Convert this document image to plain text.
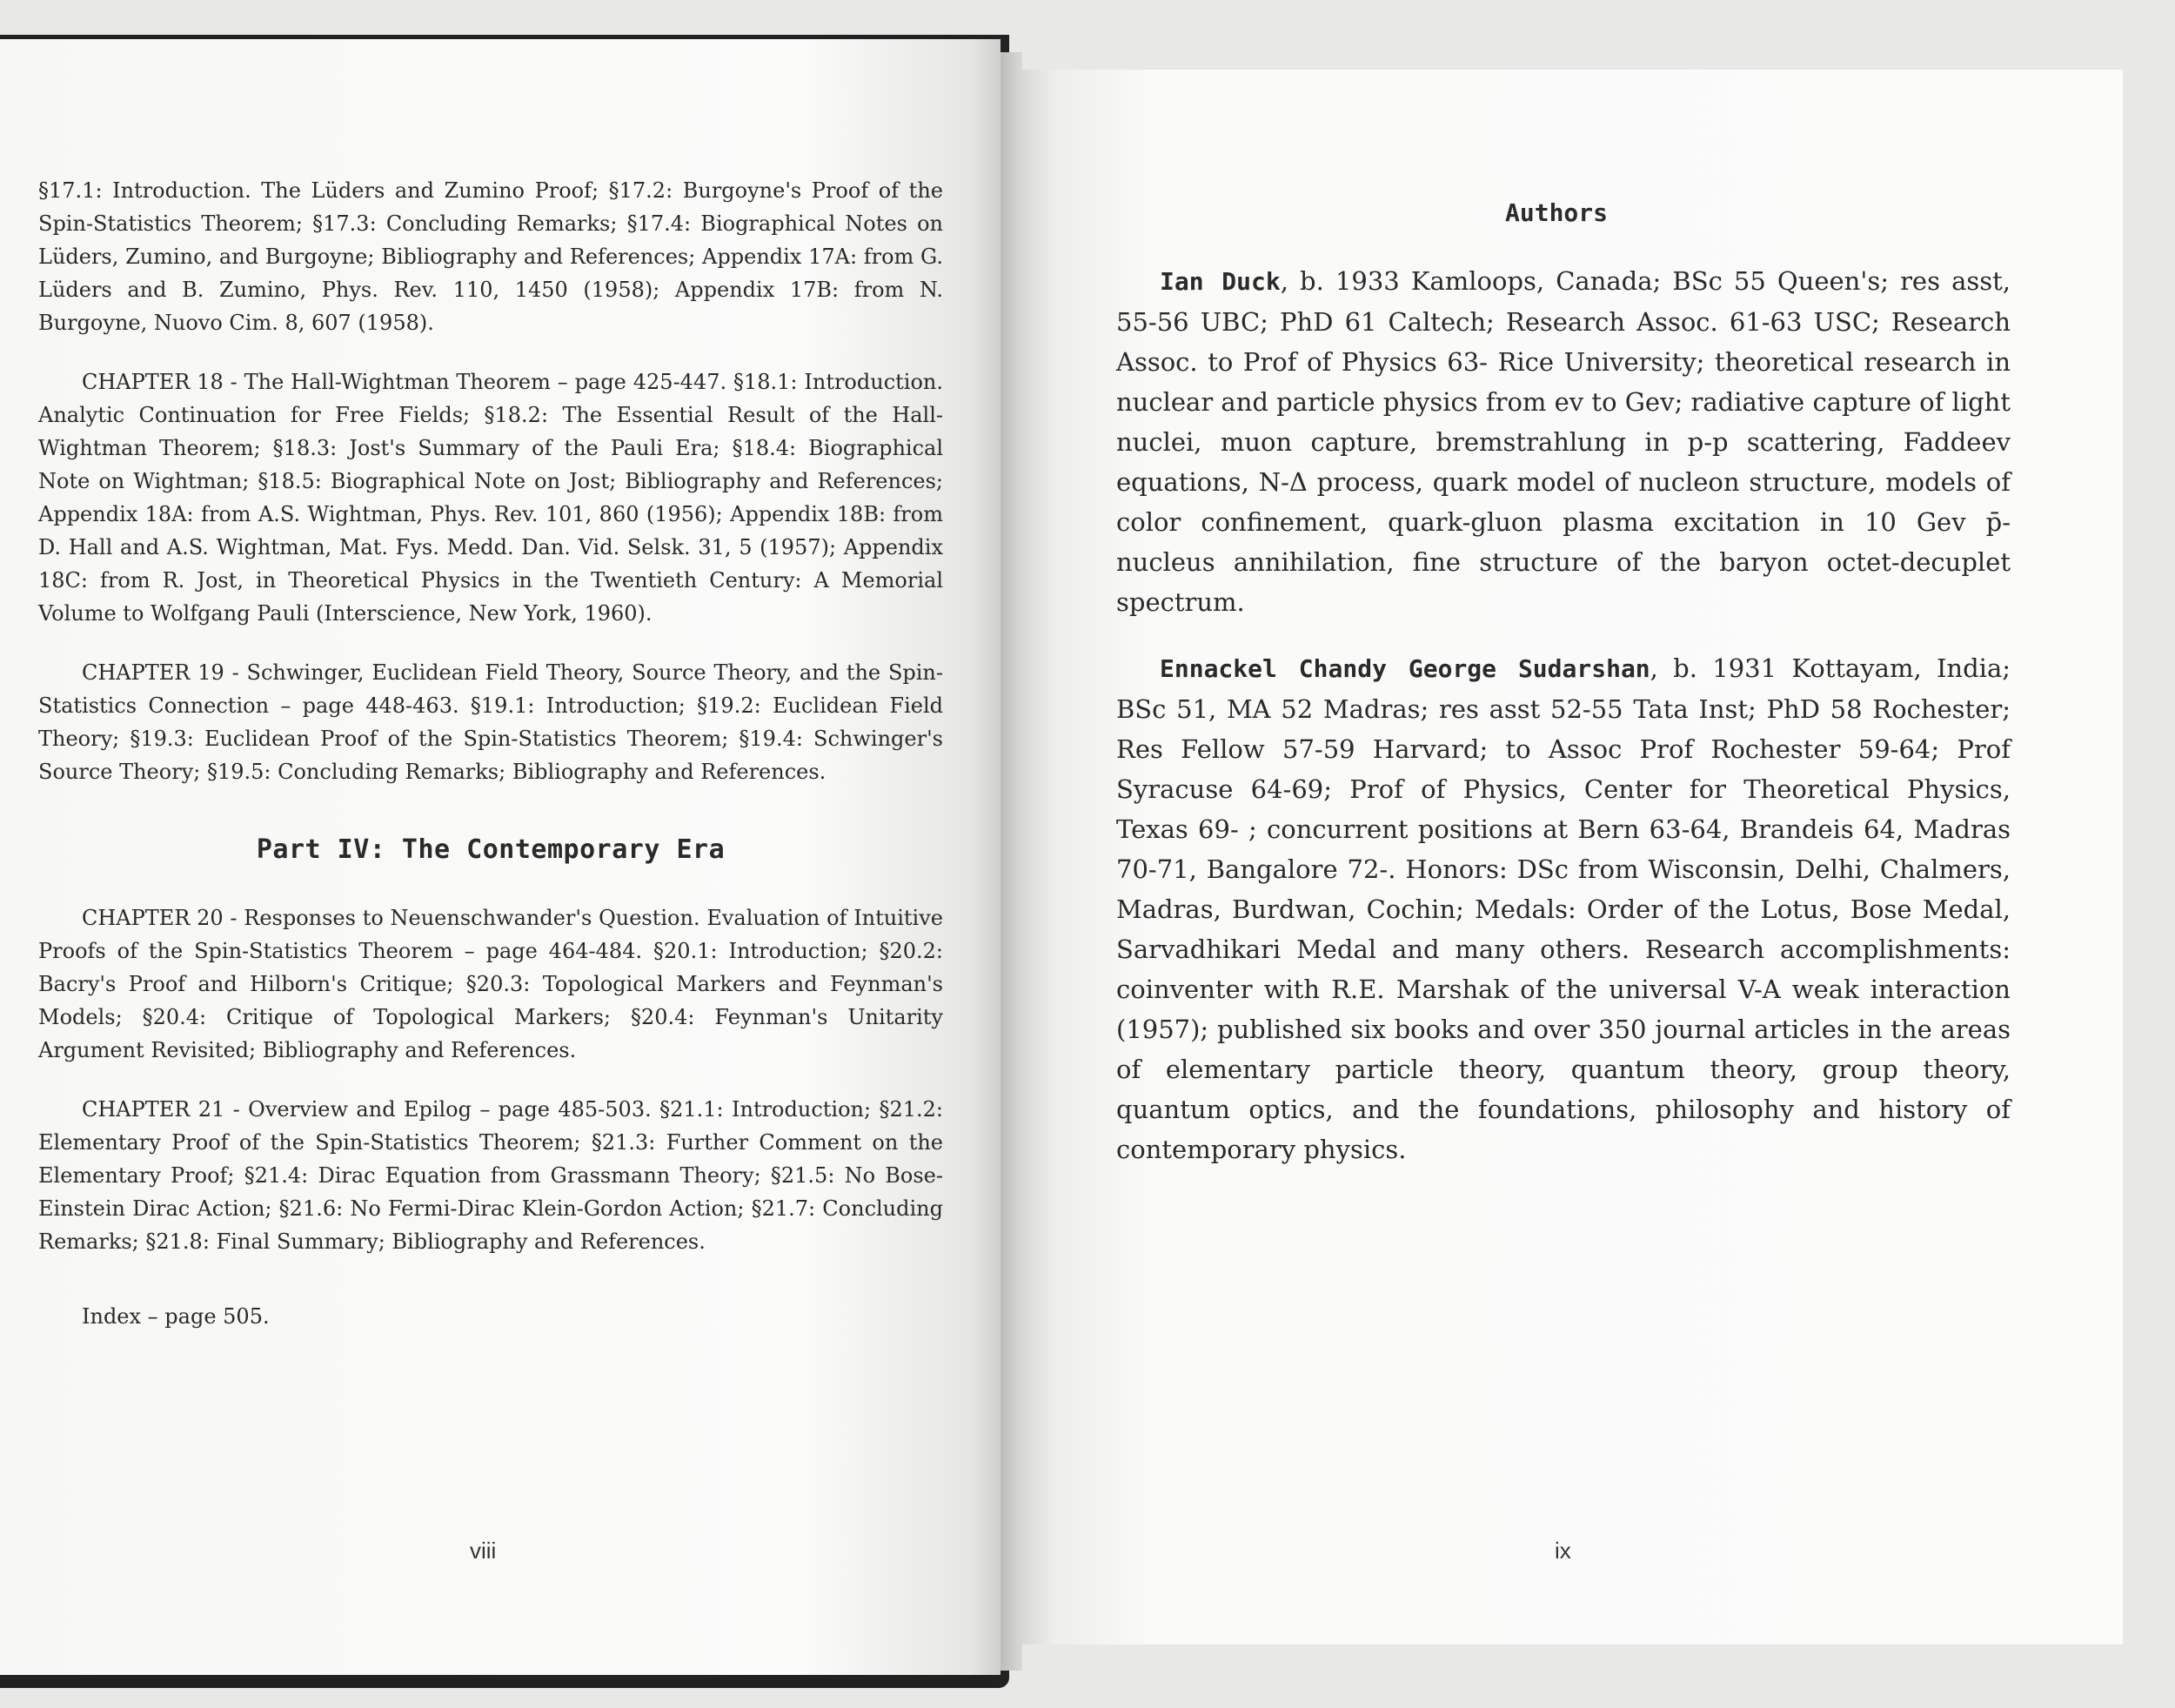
§17.1: Introduction. The Lüders and Zumino Proof; §17.2: Burgoyne's Proof of the Spin-Statistics Theorem; §17.3: Concluding Remarks; §17.4: Biographical Notes on Lüders, Zumino, and Burgoyne; Bibliography and References; Appendix 17A: from G. Lüders and B. Zumino, Phys. Rev. 110, 1450 (1958); Appendix 17B: from N. Burgoyne, Nuovo Cim. 8, 607 (1958).

CHAPTER 18 - The Hall-Wightman Theorem – page 425-447. §18.1: Introduction. Analytic Continuation for Free Fields; §18.2: The Essential Result of the Hall-Wightman Theorem; §18.3: Jost's Summary of the Pauli Era; §18.4: Biographical Note on Wightman; §18.5: Biographical Note on Jost; Bibliography and References; Appendix 18A: from A.S. Wightman, Phys. Rev. 101, 860 (1956); Appendix 18B: from D. Hall and A.S. Wightman, Mat. Fys. Medd. Dan. Vid. Selsk. 31, 5 (1957); Appendix 18C: from R. Jost, in Theoretical Physics in the Twentieth Century: A Memorial Volume to Wolfgang Pauli (Interscience, New York, 1960).

CHAPTER 19 - Schwinger, Euclidean Field Theory, Source Theory, and the Spin-Statistics Connection – page 448-463. §19.1: Introduction; §19.2: Euclidean Field Theory; §19.3: Euclidean Proof of the Spin-Statistics Theorem; §19.4: Schwinger's Source Theory; §19.5: Concluding Remarks; Bibliography and References.

Part IV: The Contemporary Era

CHAPTER 20 - Responses to Neuenschwander's Question. Evaluation of Intuitive Proofs of the Spin-Statistics Theorem – page 464-484. §20.1: Introduction; §20.2: Bacry's Proof and Hilborn's Critique; §20.3: Topological Markers and Feynman's Models; §20.4: Critique of Topological Markers; §20.4: Feynman's Unitarity Argument Revisited; Bibliography and References.

CHAPTER 21 - Overview and Epilog – page 485-503. §21.1: Introduction; §21.2: Elementary Proof of the Spin-Statistics Theorem; §21.3: Further Comment on the Elementary Proof; §21.4: Dirac Equation from Grassmann Theory; §21.5: No Bose-Einstein Dirac Action; §21.6: No Fermi-Dirac Klein-Gordon Action; §21.7: Concluding Remarks; §21.8: Final Summary; Bibliography and References.

Index – page 505.

viii
Authors

Ian Duck, b. 1933 Kamloops, Canada; BSc 55 Queen's; res asst, 55-56 UBC; PhD 61 Caltech; Research Assoc. 61-63 USC; Research Assoc. to Prof of Physics 63- Rice University; theoretical research in nuclear and particle physics from ev to Gev; radiative capture of light nuclei, muon capture, bremstrahlung in p-p scattering, Faddeev equations, N-Δ process, quark model of nucleon structure, models of color confinement, quark-gluon plasma excitation in 10 Gev p̄-nucleus annihilation, fine structure of the baryon octet-decuplet spectrum.

Ennackel Chandy George Sudarshan, b. 1931 Kottayam, India; BSc 51, MA 52 Madras; res asst 52-55 Tata Inst; PhD 58 Rochester; Res Fellow 57-59 Harvard; to Assoc Prof Rochester 59-64; Prof Syracuse 64-69; Prof of Physics, Center for Theoretical Physics, Texas 69- ; concurrent positions at Bern 63-64, Brandeis 64, Madras 70-71, Bangalore 72-. Honors: DSc from Wisconsin, Delhi, Chalmers, Madras, Burdwan, Cochin; Medals: Order of the Lotus, Bose Medal, Sarvadhikari Medal and many others. Research accomplishments: coinventer with R.E. Marshak of the universal V-A weak interaction (1957); published six books and over 350 journal articles in the areas of elementary particle theory, quantum theory, group theory, quantum optics, and the foundations, philosophy and history of contemporary physics.

ix
